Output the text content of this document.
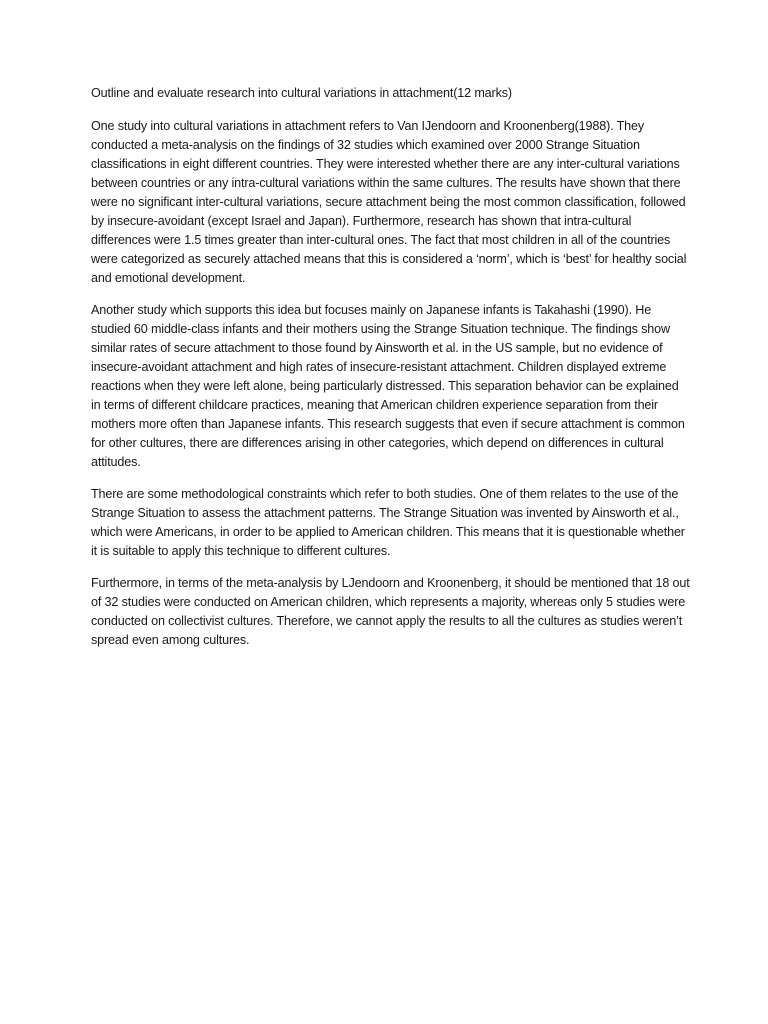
Outline and evaluate research into cultural variations in attachment(12 marks)

One study into cultural variations in attachment refers to Van IJendoorn and Kroonenberg(1988). They conducted a meta-analysis on the findings of 32 studies which examined over 2000 Strange Situation classifications in eight different countries. They were interested whether there are any inter-cultural variations between countries or any intra-cultural variations within the same cultures. The results have shown that there were no significant inter-cultural variations, secure attachment being the most common classification, followed by insecure-avoidant (except Israel and Japan). Furthermore, research has shown that intra-cultural differences were 1.5 times greater than inter-cultural ones. The fact that most children in all of the countries were categorized as securely attached means that this is considered a ‘norm’, which is ‘best’ for healthy social and emotional development.

Another study which supports this idea but focuses mainly on Japanese infants is Takahashi (1990). He studied 60 middle-class infants and their mothers using the Strange Situation technique. The findings show similar rates of secure attachment to those found by Ainsworth et al. in the US sample, but no evidence of insecure-avoidant attachment and high rates of insecure-resistant attachment. Children displayed extreme reactions when they were left alone, being particularly distressed. This separation behavior can be explained in terms of different childcare practices, meaning that American children experience separation from their mothers more often than Japanese infants. This research suggests that even if secure attachment is common for other cultures, there are differences arising in other categories, which depend on differences in cultural attitudes.

There are some methodological constraints which refer to both studies. One of them relates to the use of the Strange Situation to assess the attachment patterns. The Strange Situation was invented by Ainsworth et al., which were Americans, in order to be applied to American children. This means that it is questionable whether it is suitable to apply this technique to different cultures.

Furthermore, in terms of the meta-analysis by LJendoorn and Kroonenberg, it should be mentioned that 18 out of 32 studies were conducted on American children, which represents a majority, whereas only 5 studies were conducted on collectivist cultures. Therefore, we cannot apply the results to all the cultures as studies weren’t spread even among cultures.
